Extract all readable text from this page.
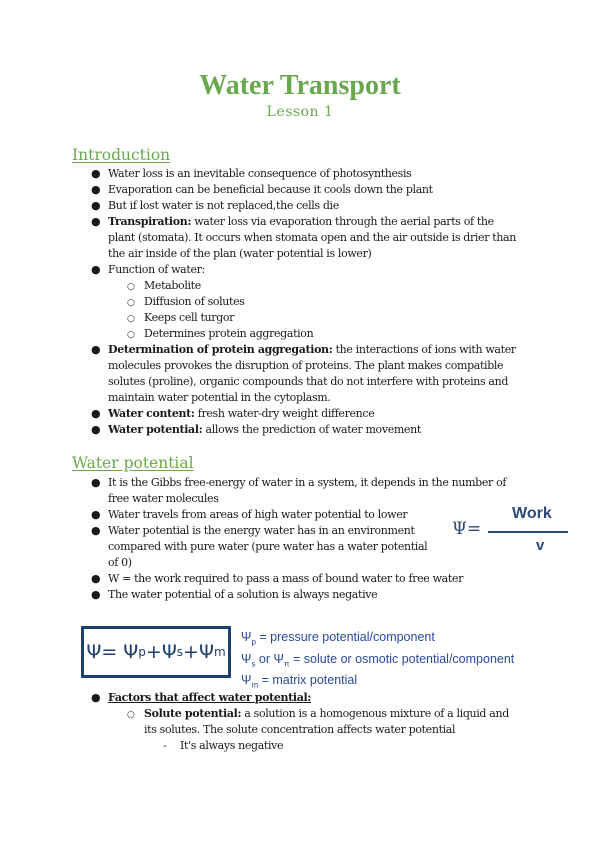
Water Transport
Lesson 1
Introduction
● Water loss is an inevitable consequence of photosynthesis
● Evaporation can be beneficial because it cools down the plant
● But if lost water is not replaced,the cells die
● Transpiration: water loss via evaporation through the aerial parts of the plant (stomata). It occurs when stomata open and the air outside is drier than the air inside of the plan (water potential is lower)
● Function of water:
○ Metabolite
○ Diffusion of solutes
○ Keeps cell turgor
○ Determines protein aggregation
● Determination of protein aggregation: the interactions of ions with water molecules provokes the disruption of proteins. The plant makes compatible solutes (proline), organic compounds that do not interfere with proteins and maintain water potential in the cytoplasm.
● Water content: fresh water-dry weight difference
● Water potential: allows the prediction of water movement
Water potential
● It is the Gibbs free-energy of water in a system, it depends in the number of free water molecules
● Water travels from areas of high water potential to lower
● Water potential is the energy water has in an environment compared with pure water (pure water has a water potential of 0)
● W = the work required to pass a mass of bound water to free water
● The water potential of a solution is always negative
Ψ=
Work
v
Ψ =
Ψ p + Ψ s + Ψ m
$\Psi_p$ = pressure potential/component
$\Psi_s$ or $\Psi_\pi$ = solute or osmotic potential/component
$\Psi_m$ = matrix potential
● Factors that affect water potential:
○ Solute potential: a solution is a homogenous mixture of a liquid and its solutes. The solute concentration affects water potential
- It's always negative
